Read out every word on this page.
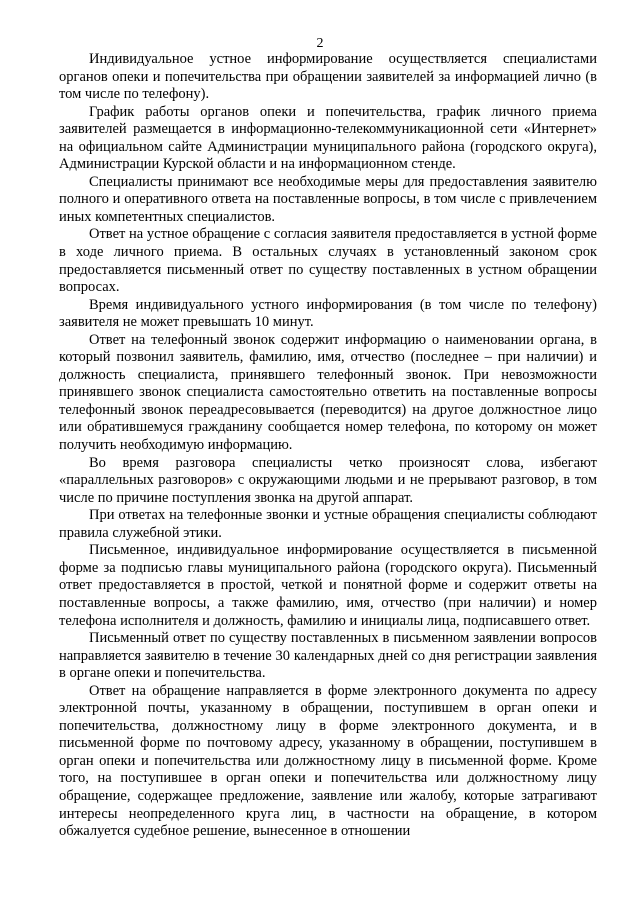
2

Индивидуальное устное информирование осуществляется специалистами органов опеки и попечительства при обращении заявителей за информацией лично (в том числе по телефону).

График работы органов опеки и попечительства, график личного приема заявителей размещается в информационно-телекоммуникационной сети «Интернет» на официальном сайте Администрации муниципального района (городского округа), Администрации Курской области и на информационном стенде.

Специалисты принимают все необходимые меры для предоставления заявителю полного и оперативного ответа на поставленные вопросы, в том числе с привлечением иных компетентных специалистов.

Ответ на устное обращение с согласия заявителя предоставляется в устной форме в ходе личного приема. В остальных случаях в установленный законом срок предоставляется письменный ответ по существу поставленных в устном обращении вопросах.

Время индивидуального устного информирования (в том числе по телефону) заявителя не может превышать 10 минут.

Ответ на телефонный звонок содержит информацию о наименовании органа, в который позвонил заявитель, фамилию, имя, отчество (последнее – при наличии) и должность специалиста, принявшего телефонный звонок. При невозможности принявшего звонок специалиста самостоятельно ответить на поставленные вопросы телефонный звонок переадресовывается (переводится) на другое должностное лицо или обратившемуся гражданину сообщается номер телефона, по которому он может получить необходимую информацию.

Во время разговора специалисты четко произносят слова, избегают «параллельных разговоров» с окружающими людьми и не прерывают разговор, в том числе по причине поступления звонка на другой аппарат.

При ответах на телефонные звонки и устные обращения специалисты соблюдают правила служебной этики.

Письменное, индивидуальное информирование осуществляется в письменной форме за подписью главы муниципального района (городского округа). Письменный ответ предоставляется в простой, четкой и понятной форме и содержит ответы на поставленные вопросы, а также фамилию, имя, отчество (при наличии) и номер телефона исполнителя и должность, фамилию и инициалы лица, подписавшего ответ.

Письменный ответ по существу поставленных в письменном заявлении вопросов направляется заявителю в течение 30 календарных дней со дня регистрации заявления в органе опеки и попечительства.

Ответ на обращение направляется в форме электронного документа по адресу электронной почты, указанному в обращении, поступившем в орган опеки и попечительства, должностному лицу в форме электронного документа, и в письменной форме по почтовому адресу, указанному в обращении, поступившем в орган опеки и попечительства или должностному лицу в письменной форме. Кроме того, на поступившее в орган опеки и попечительства или должностному лицу обращение, содержащее предложение, заявление или жалобу, которые затрагивают интересы неопределенного круга лиц, в частности на обращение, в котором обжалуется судебное решение, вынесенное в отношении
